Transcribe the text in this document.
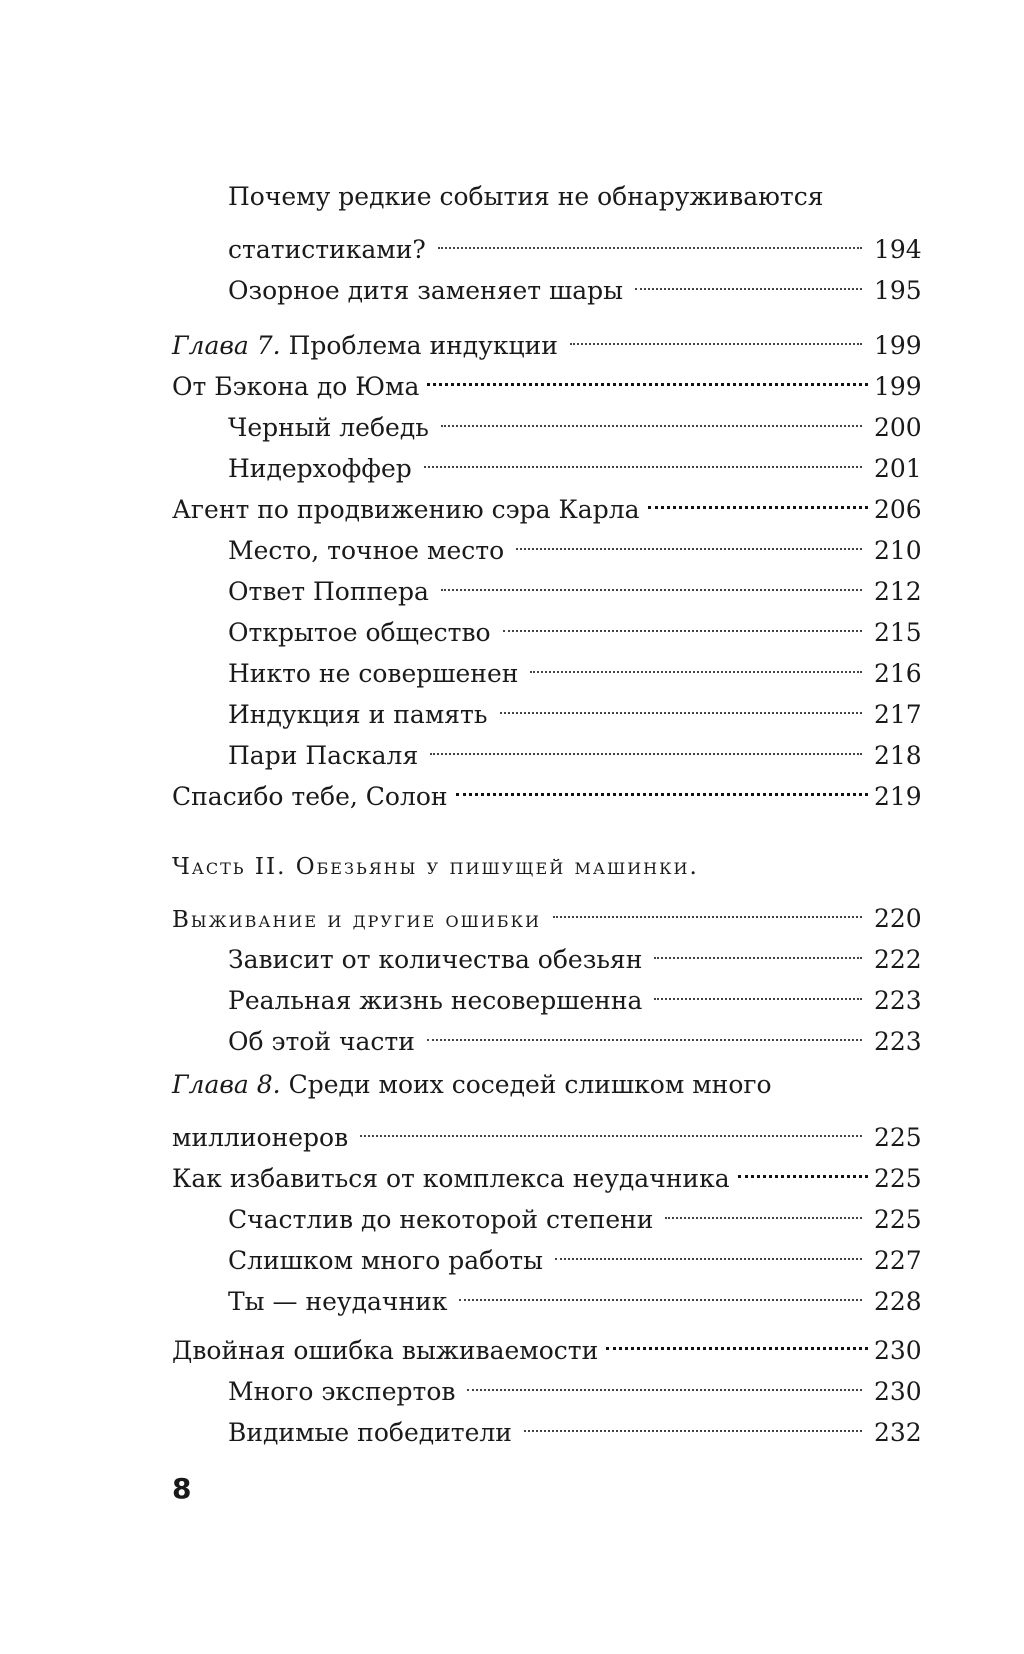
Почему редкие события не обнаруживаются
статистиками?	194
Озорное дитя заменяет шары	195
Глава 7. Проблема индукции	199
От Бэкона до Юма	199
Черный лебедь	200
Нидерхоффер	201
Агент по продвижению сэра Карла	206
Место, точное место	210
Ответ Поппера	212
Открытое общество	215
Никто не совершенен	216
Индукция и память	217
Пари Паскаля	218
Спасибо тебе, Солон	219
Часть II. Обезьяны у пишущей машинки.
Выживание и другие ошибки	220
Зависит от количества обезьян	222
Реальная жизнь несовершенна	223
Об этой части	223
Глава 8. Среди моих соседей слишком много
миллионеров	225
Как избавиться от комплекса неудачника	225
Счастлив до некоторой степени	225
Слишком много работы	227
Ты — неудачник	228
Двойная ошибка выживаемости	230
Много экспертов	230
Видимые победители	232
8
